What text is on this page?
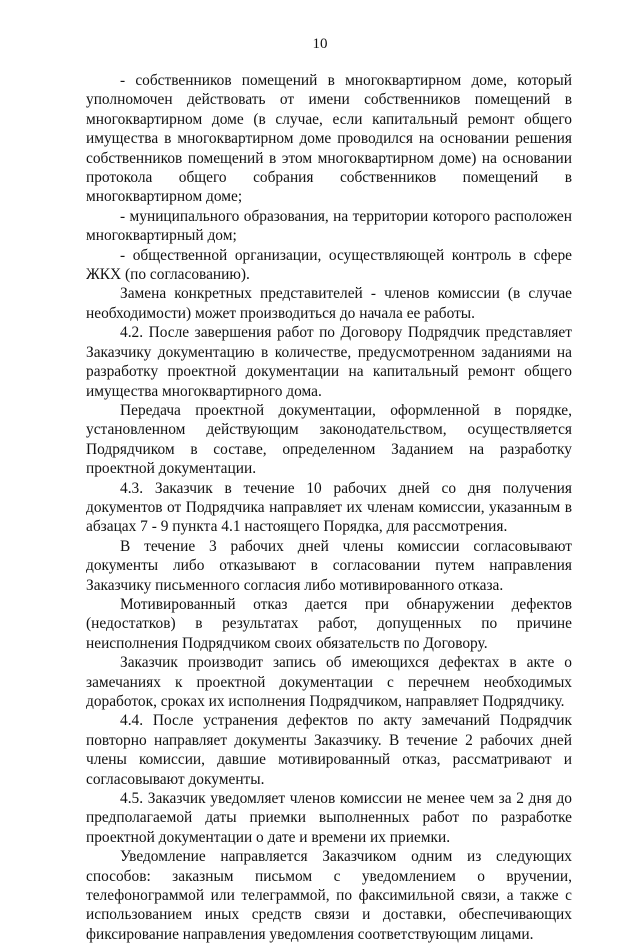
10

- собственников помещений в многоквартирном доме, который уполномочен действовать от имени собственников помещений в многоквартирном доме (в случае, если капитальный ремонт общего имущества в многоквартирном доме проводился на основании решения собственников помещений в этом многоквартирном доме) на основании протокола общего собрания собственников помещений в многоквартирном доме;

- муниципального образования, на территории которого расположен многоквартирный дом;

- общественной организации, осуществляющей контроль в сфере ЖКХ (по согласованию).

Замена конкретных представителей - членов комиссии (в случае необходимости) может производиться до начала ее работы.

4.2. После завершения работ по Договору Подрядчик представляет Заказчику документацию в количестве, предусмотренном заданиями на разработку проектной документации на капитальный ремонт общего имущества многоквартирного дома.

Передача проектной документации, оформленной в порядке, установленном действующим законодательством, осуществляется Подрядчиком в составе, определенном Заданием на разработку проектной документации.

4.3. Заказчик в течение 10 рабочих дней со дня получения документов от Подрядчика направляет их членам комиссии, указанным в абзацах 7 - 9 пункта 4.1 настоящего Порядка, для рассмотрения.

В течение 3 рабочих дней члены комиссии согласовывают документы либо отказывают в согласовании путем направления Заказчику письменного согласия либо мотивированного отказа.

Мотивированный отказ дается при обнаружении дефектов (недостатков) в результатах работ, допущенных по причине неисполнения Подрядчиком своих обязательств по Договору.

Заказчик производит запись об имеющихся дефектах в акте о замечаниях к проектной документации с перечнем необходимых доработок, сроках их исполнения Подрядчиком, направляет Подрядчику.

4.4. После устранения дефектов по акту замечаний Подрядчик повторно направляет документы Заказчику. В течение 2 рабочих дней члены комиссии, давшие мотивированный отказ, рассматривают и согласовывают документы.

4.5. Заказчик уведомляет членов комиссии не менее чем за 2 дня до предполагаемой даты приемки выполненных работ по разработке проектной документации о дате и времени их приемки.

Уведомление направляется Заказчиком одним из следующих способов: заказным письмом с уведомлением о вручении, телефонограммой или телеграммой, по факсимильной связи, а также с использованием иных средств связи и доставки, обеспечивающих фиксирование направления уведомления соответствующим лицами.
